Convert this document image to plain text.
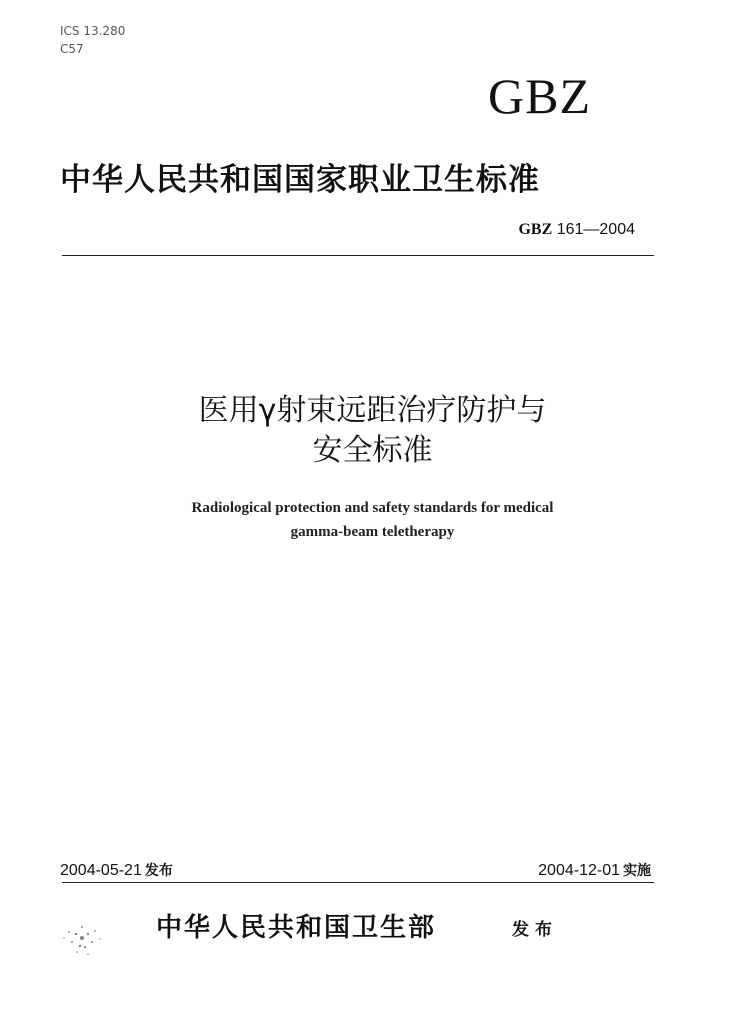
ICS 13.280
C57
GBZ
中华人民共和国国家职业卫生标准
GBZ 161—2004
医用γ射束远距治疗防护与
安全标准
Radiological protection and safety standards for medical
gamma-beam teletherapy
2004-05-21 发布	2004-12-01 实施
中华人民共和国卫生部	发布
